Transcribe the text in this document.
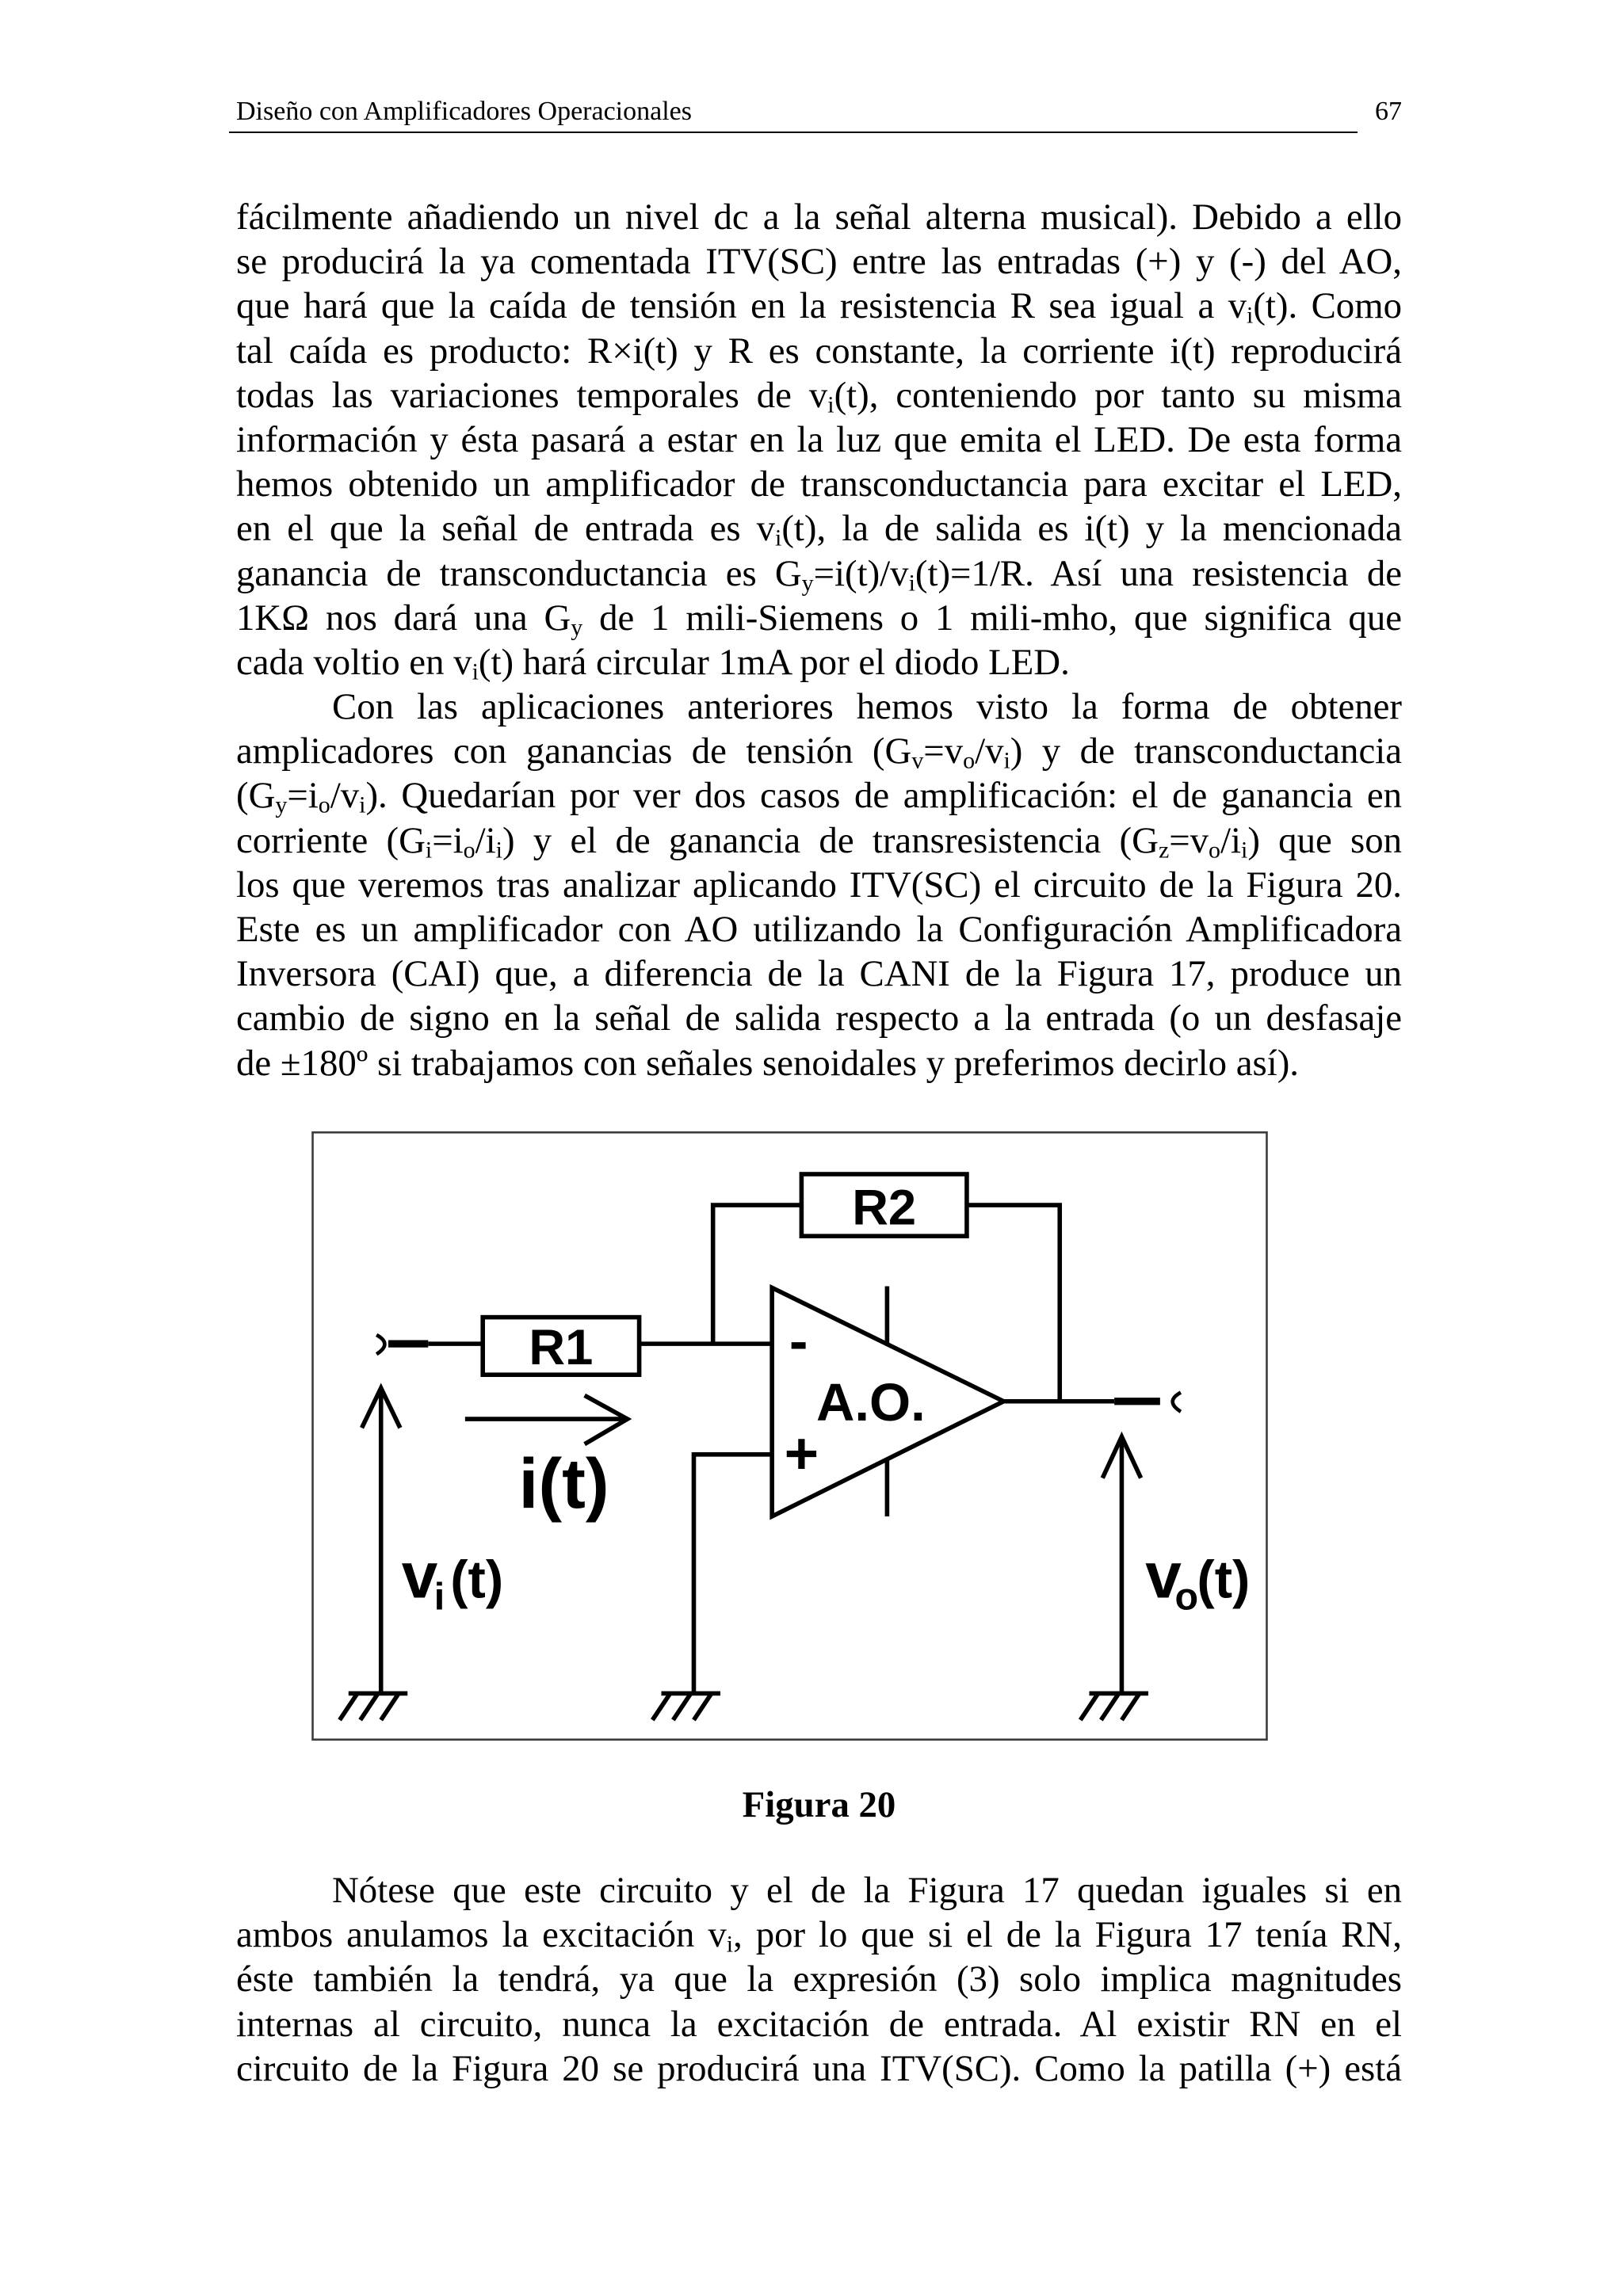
Diseño con Amplificadores Operacionales	67
fácilmente añadiendo un nivel dc a la señal alterna musical). Debido a ello
se producirá la ya comentada ITV(SC) entre las entradas (+) y (-) del AO,
que hará que la caída de tensión en la resistencia R sea igual a $v_i(t)$. Como
tal caída es producto: R×i(t) y R es constante, la corriente i(t) reproducirá
todas las variaciones temporales de $v_i(t)$, conteniendo por tanto su misma
información y ésta pasará a estar en la luz que emita el LED. De esta forma
hemos obtenido un amplificador de transconductancia para excitar el LED,
en el que la señal de entrada es $v_i(t)$, la de salida es i(t) y la mencionada
ganancia de transconductancia es $G_y=i(t)/v_i(t)=1/R$. Así una resistencia de
1KΩ nos dará una $G_y$ de 1 mili-Siemens o 1 mili-mho, que significa que
cada voltio en $v_i(t)$ hará circular 1mA por el diodo LED.
Con las aplicaciones anteriores hemos visto la forma de obtener
amplicadores con ganancias de tensión $(G_v=v_o/v_i)$ y de transconductancia
$(G_y=i_o/v_i)$. Quedarían por ver dos casos de amplificación: el de ganancia en
corriente $(G_i=i_o/i_i)$ y el de ganancia de transresistencia $(G_z=v_o/i_i)$ que son
los que veremos tras analizar aplicando ITV(SC) el circuito de la Figura 20.
Este es un amplificador con AO utilizando la Configuración Amplificadora
Inversora (CAI) que, a diferencia de la CANI de la Figura 17, produce un
cambio de signo en la señal de salida respecto a la entrada (o un desfasaje
de ±180º si trabajamos con señales senoidales y preferimos decirlo así).
R2
R1	-
A.O.
+
i(t)
v i (t)	v o (t)
Figura 20
Nótese que este circuito y el de la Figura 17 quedan iguales si en
ambos anulamos la excitación $v_i$, por lo que si el de la Figura 17 tenía RN,
éste también la tendrá, ya que la expresión (3) solo implica magnitudes
internas al circuito, nunca la excitación de entrada. Al existir RN en el
circuito de la Figura 20 se producirá una ITV(SC). Como la patilla (+) está
